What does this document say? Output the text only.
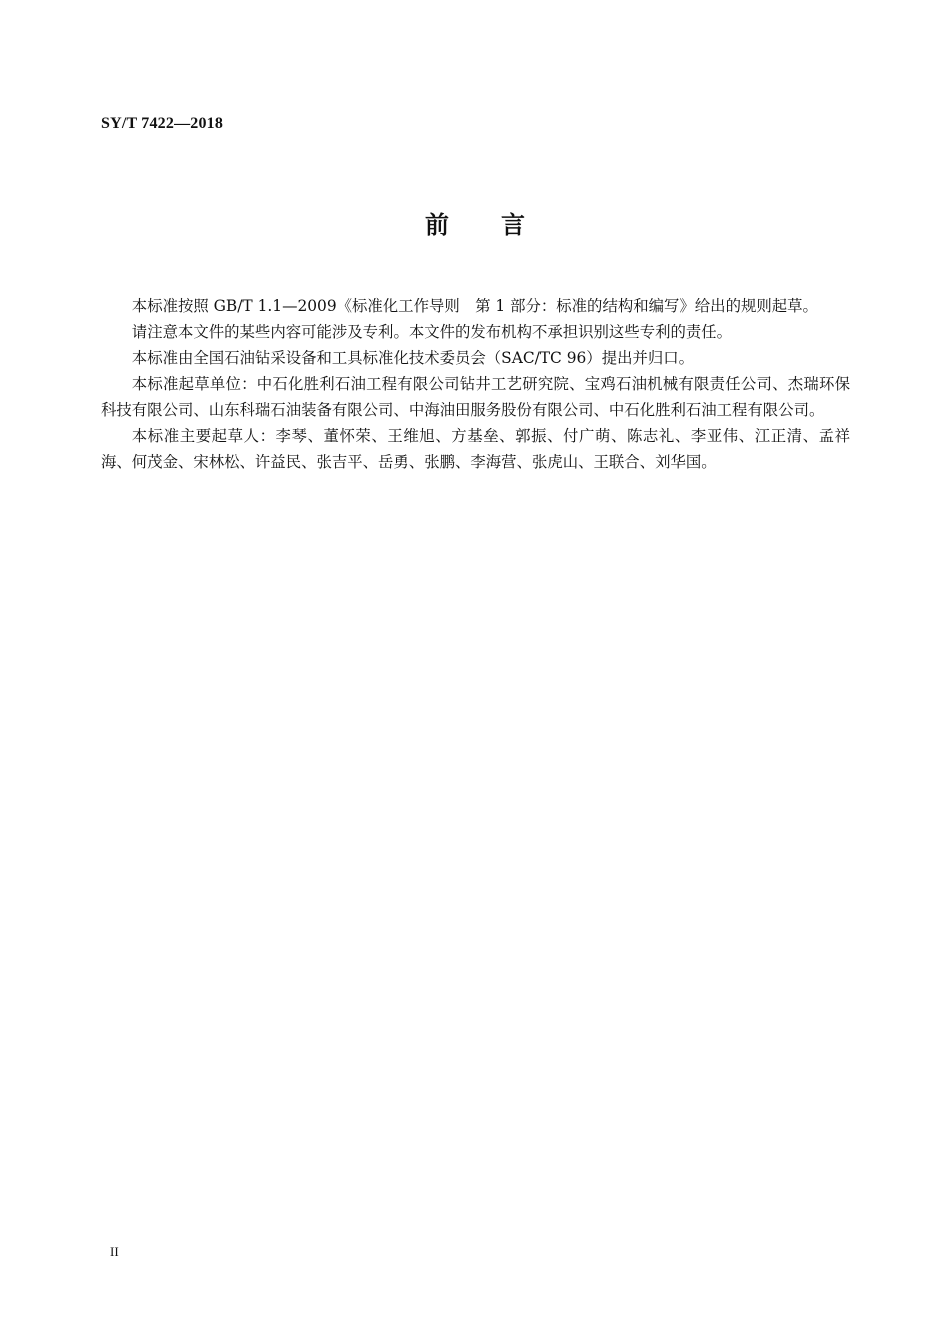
SY/T 7422—2018
前言

本标准按照 GB/T 1.1—2009《标准化工作导则　第 1 部分：标准的结构和编写》给出的规则起草。

请注意本文件的某些内容可能涉及专利。本文件的发布机构不承担识别这些专利的责任。

本标准由全国石油钻采设备和工具标准化技术委员会（SAC/TC 96）提出并归口。

本标准起草单位：中石化胜利石油工程有限公司钻井工艺研究院、宝鸡石油机械有限责任公司、杰瑞环保科技有限公司、山东科瑞石油装备有限公司、中海油田服务股份有限公司、中石化胜利石油工程有限公司。

本标准主要起草人：李琴、董怀荣、王维旭、方基垒、郭振、付广萌、陈志礼、李亚伟、江正清、孟祥海、何茂金、宋林松、许益民、张吉平、岳勇、张鹏、李海营、张虎山、王联合、刘华国。

II
